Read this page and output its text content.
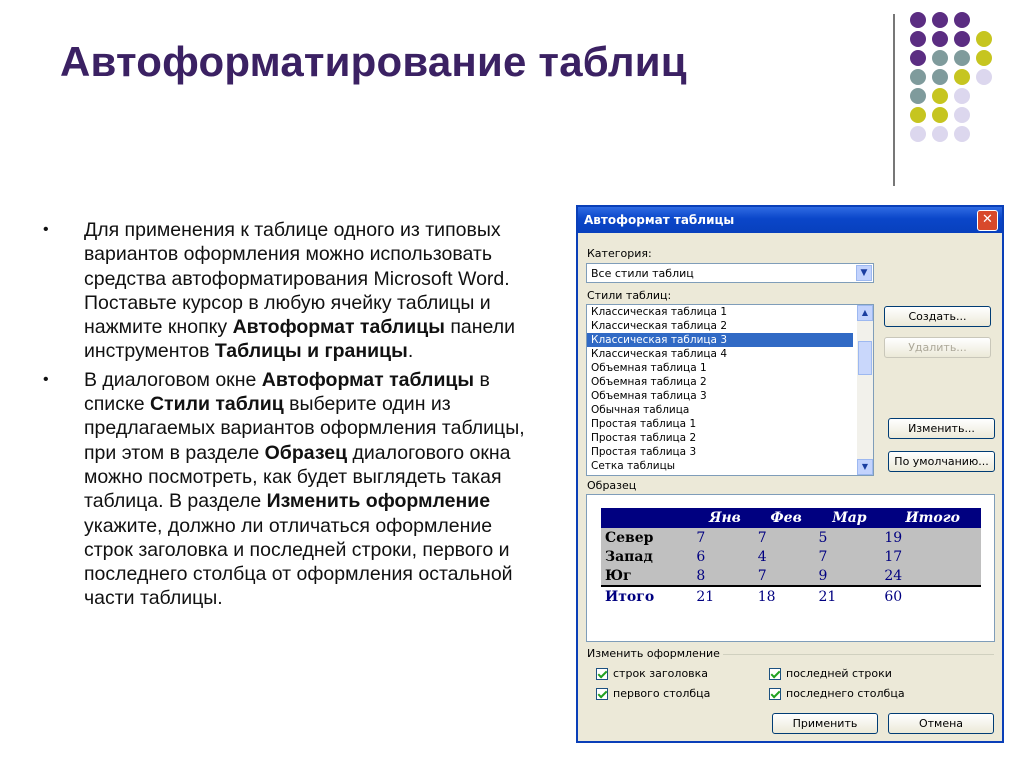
Автоформатирование таблиц
• Для применения к таблице одного из типовых вариантов оформления можно использовать средства автоформатирования Microsoft Word. Поставьте курсор в любую ячейку таблицы и нажмите кнопку Автоформат таблицы панели инструментов Таблицы и границы.
• В диалоговом окне Автоформат таблицы в списке Стили таблиц выберите один из предлагаемых вариантов оформления таблицы, при этом в разделе Образец диалогового окна можно посмотреть, как будет выглядеть такая таблица. В разделе Изменить оформление укажите, должно ли отличаться оформление строк заголовка и последней строки, первого и последнего столбца от оформления остальной части таблицы.
Автоформат таблицы	✕
Категория:
Все стили таблиц	▼
Стили таблиц:
Классическая таблица 1
Классическая таблица 2
Классическая таблица 3
Классическая таблица 4
Объемная таблица 1
Объемная таблица 2
Объемная таблица 3
Обычная таблица
Простая таблица 1
Простая таблица 2
Простая таблица 3
Сетка таблицы
▲
▼
Создать...
Удалить...
Изменить...
По умолчанию...
Образец
	Янв	Фев	Мар	Итого
Север	7	7	5	19
Запад	6	4	7	17
Юг	8	7	9	24
Итого	21	18	21	60
Изменить оформление
строк заголовка	последней строки
первого столбца	последнего столбца
Применить	Отмена
